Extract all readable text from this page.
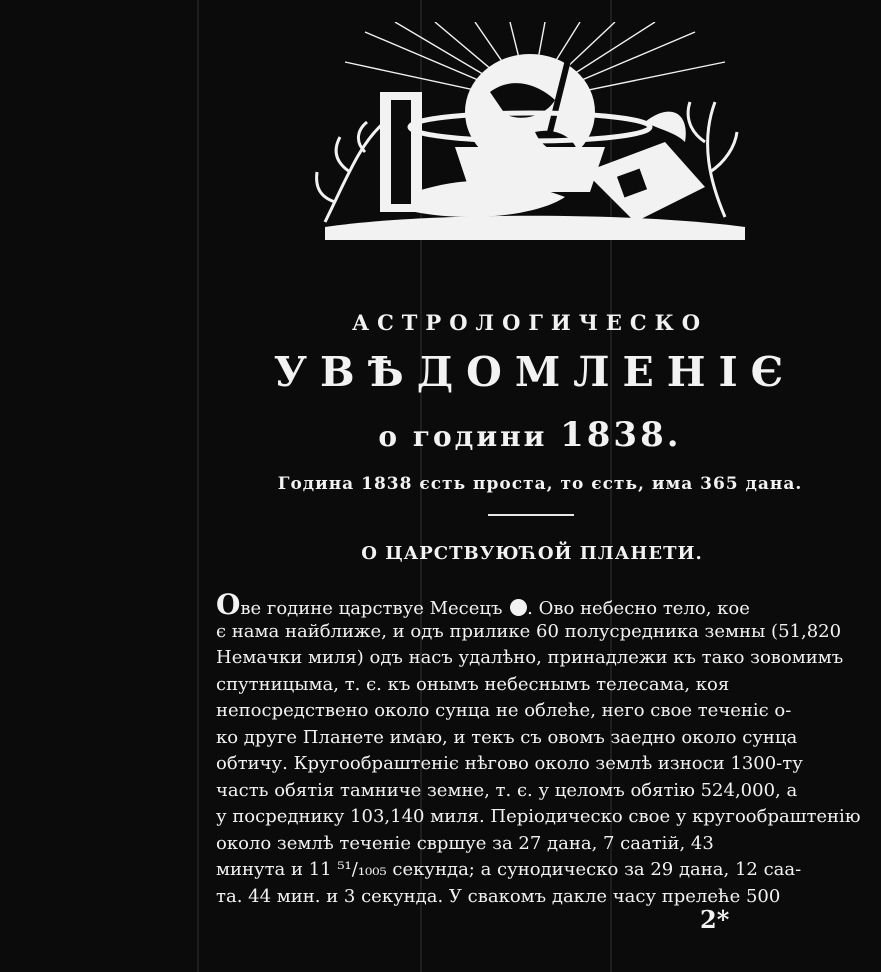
АСТРОЛОГИЧЕСКО
УВѢДОМЛЕНІЄ
о години 1838.
Година 1838 єсть проста, то єсть, има 365 дана.
О ЦАРСТВУЮЋОЙ ПЛАНЕТИ.
Ове године царствуе Месецъ . Ово небесно тело, кое
є нама найближе, и одъ прилике 60 полусредника земны (51,820
Немачки миля) одъ насъ удалѣно, принадлежи къ тако зовомимъ спутницыма, т. є. къ онымъ небеснымъ телесама, коя
непосредствено около сунца не облеће, него свое теченіє о-
ко друге Планете имаю, и текъ съ овомъ заедно около сунца
обтичу. Кругообраштеніє нѣгово около землѣ износи 1300-ту
часть обятія тамниче земне, т. є. у целомъ обятію 524,000, а
у посреднику 103,140 миля. Періодическо свое у кругообраштенію около землѣ теченіе свршуе за 27 дана, 7 саатій, 43
минута и 11 ⁵¹/₁₀₀₅ секунда; а сунодическо за 29 дана, 12 саа-
та. 44 мин. и 3 секунда. У свакомъ дакле часу прелеће 500
2*
